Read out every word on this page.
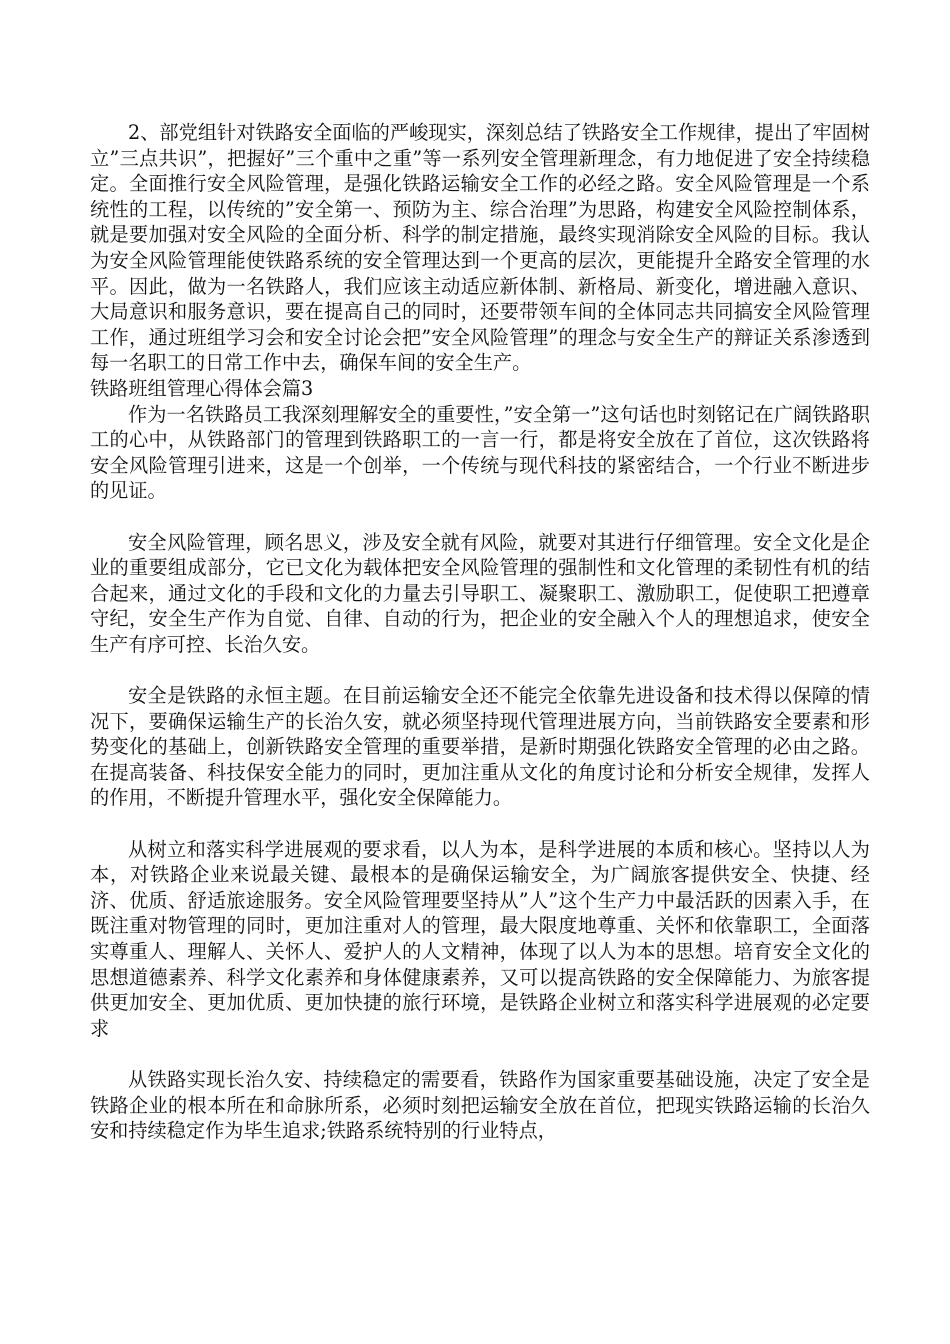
2、部党组针对铁路安全面临的严峻现实，深刻总结了铁路安全工作规律，提出了牢固树立”三点共识”，把握好”三个重中之重”等一系列安全管理新理念，有力地促进了安全持续稳定。全面推行安全风险管理，是强化铁路运输安全工作的必经之路。安全风险管理是一个系统性的工程，以传统的”安全第一、预防为主、综合治理”为思路，构建安全风险控制体系，就是要加强对安全风险的全面分析、科学的制定措施，最终实现消除安全风险的目标。我认为安全风险管理能使铁路系统的安全管理达到一个更高的层次，更能提升全路安全管理的水平。因此，做为一名铁路人，我们应该主动适应新体制、新格局、新变化，增进融入意识、大局意识和服务意识，要在提高自己的同时，还要带领车间的全体同志共同搞安全风险管理工作，通过班组学习会和安全讨论会把”安全风险管理”的理念与安全生产的辩证关系渗透到每一名职工的日常工作中去，确保车间的安全生产。

铁路班组管理心得体会篇3

作为一名铁路员工我深刻理解安全的重要性，”安全第一”这句话也时刻铭记在广阔铁路职工的心中，从铁路部门的管理到铁路职工的一言一行，都是将安全放在了首位，这次铁路将安全风险管理引进来，这是一个创举，一个传统与现代科技的紧密结合，一个行业不断进步的见证。

安全风险管理，顾名思义，涉及安全就有风险，就要对其进行仔细管理。安全文化是企业的重要组成部分，它已文化为载体把安全风险管理的强制性和文化管理的柔韧性有机的结合起来，通过文化的手段和文化的力量去引导职工、凝聚职工、激励职工，促使职工把遵章守纪，安全生产作为自觉、自律、自动的行为，把企业的安全融入个人的理想追求，使安全生产有序可控、长治久安。

安全是铁路的永恒主题。在目前运输安全还不能完全依靠先进设备和技术得以保障的情况下，要确保运输生产的长治久安，就必须坚持现代管理进展方向，当前铁路安全要素和形势变化的基础上，创新铁路安全管理的重要举措，是新时期强化铁路安全管理的必由之路。在提高装备、科技保安全能力的同时，更加注重从文化的角度讨论和分析安全规律，发挥人的作用，不断提升管理水平，强化安全保障能力。

从树立和落实科学进展观的要求看，以人为本，是科学进展的本质和核心。坚持以人为本，对铁路企业来说最关键、最根本的是确保运输安全，为广阔旅客提供安全、快捷、经济、优质、舒适旅途服务。安全风险管理要坚持从”人”这个生产力中最活跃的因素入手，在既注重对物管理的同时，更加注重对人的管理，最大限度地尊重、关怀和依靠职工，全面落实尊重人、理解人、关怀人、爱护人的人文精神，体现了以人为本的思想。培育安全文化的思想道德素养、科学文化素养和身体健康素养，又可以提高铁路的安全保障能力、为旅客提供更加安全、更加优质、更加快捷的旅行环境，是铁路企业树立和落实科学进展观的必定要求

从铁路实现长治久安、持续稳定的需要看，铁路作为国家重要基础设施，决定了安全是铁路企业的根本所在和命脉所系，必须时刻把运输安全放在首位，把现实铁路运输的长治久安和持续稳定作为毕生追求;铁路系统特别的行业特点，
